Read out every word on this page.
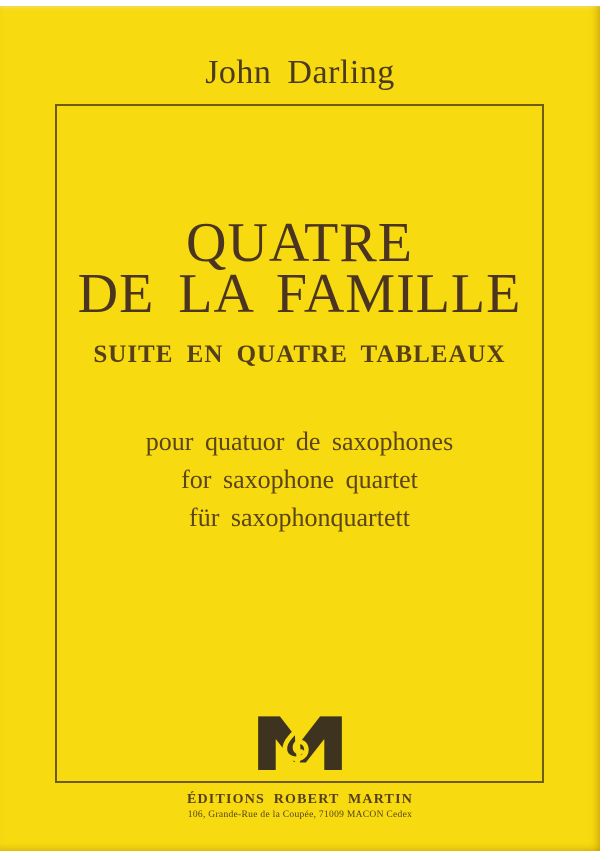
John Darling
QUATRE
DE LA FAMILLE
SUITE EN QUATRE TABLEAUX
pour quatuor de saxophones
for saxophone quartet
für saxophonquartett
ÉDITIONS ROBERT MARTIN
106, Grande-Rue de la Coupée, 71009 MACON Cedex
